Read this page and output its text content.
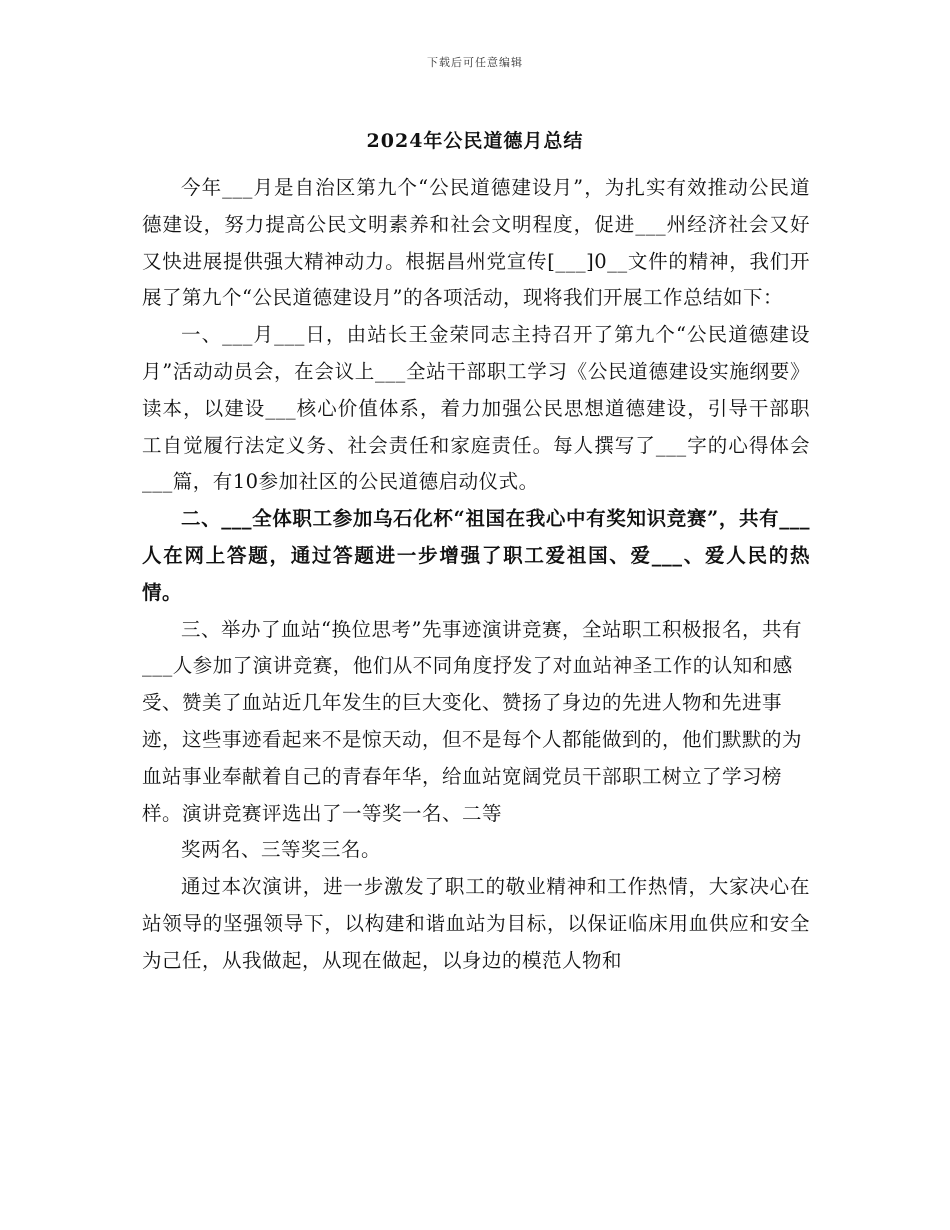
下载后可任意编辑
2024年公民道德月总结

今年___月是自治区第九个“公民道德建设月”，为扎实有效推动公民道德建设，努力提高公民文明素养和社会文明程度，促进___州经济社会又好又快进展提供强大精神动力。根据昌州党宣传[___]0__文件的精神，我们开展了第九个“公民道德建设月”的各项活动，现将我们开展工作总结如下：

一、___月___日，由站长王金荣同志主持召开了第九个“公民道德建设月”活动动员会，在会议上___全站干部职工学习《公民道德建设实施纲要》读本，以建设___核心价值体系，着力加强公民思想道德建设，引导干部职工自觉履行法定义务、社会责任和家庭责任。每人撰写了___字的心得体会___篇，有10参加社区的公民道德启动仪式。

二、___全体职工参加乌石化杯“祖国在我心中有奖知识竞赛”，共有___人在网上答题，通过答题进一步增强了职工爱祖国、爱___、爱人民的热情。

三、举办了血站“换位思考”先事迹演讲竞赛，全站职工积极报名，共有___人参加了演讲竞赛，他们从不同角度抒发了对血站神圣工作的认知和感受、赞美了血站近几年发生的巨大变化、赞扬了身边的先进人物和先进事迹，这些事迹看起来不是惊天动，但不是每个人都能做到的，他们默默的为血站事业奉献着自己的青春年华，给血站宽阔党员干部职工树立了学习榜样。演讲竞赛评选出了一等奖一名、二等

奖两名、三等奖三名。

通过本次演讲，进一步激发了职工的敬业精神和工作热情，大家决心在站领导的坚强领导下，以构建和谐血站为目标，以保证临床用血供应和安全为己任，从我做起，从现在做起，以身边的模范人物和
